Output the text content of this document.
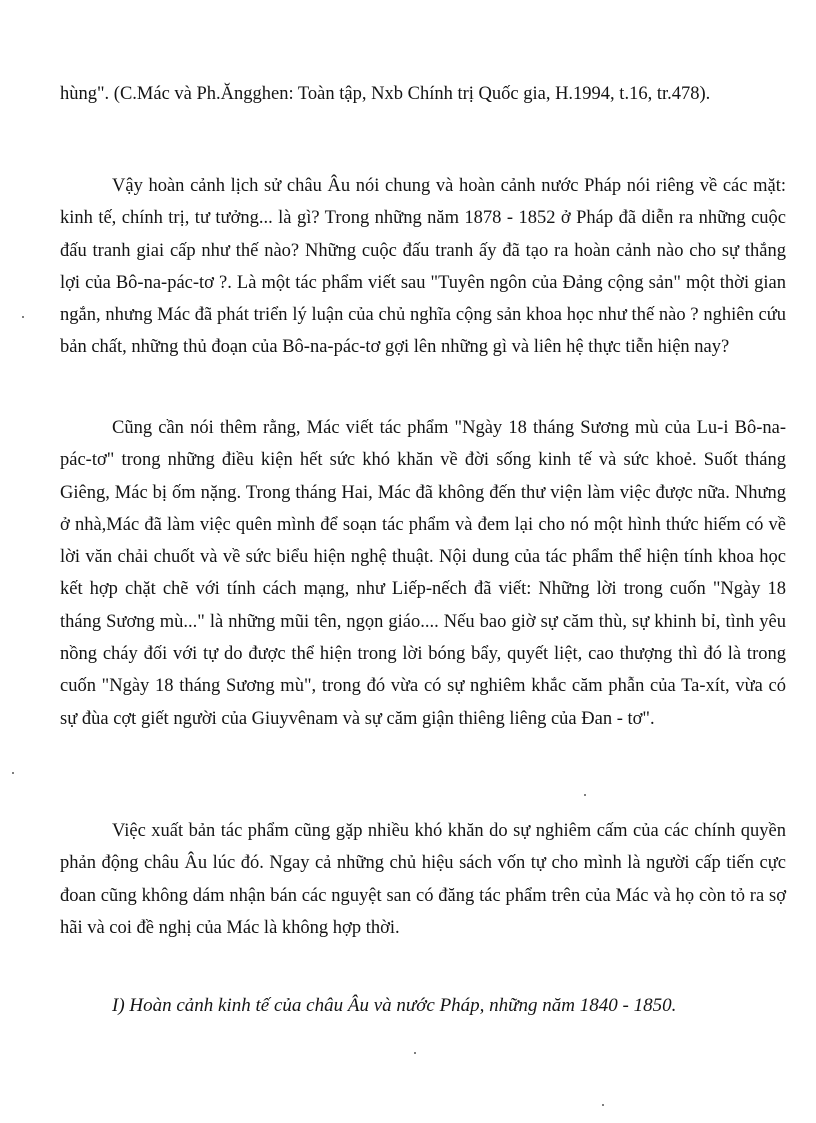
hùng". (C.Mác và Ph.Ăngghen: Toàn tập, Nxb Chính trị Quốc gia, H.1994, t.16, tr.478).

Vậy hoàn cảnh lịch sử châu Âu nói chung và hoàn cảnh nước Pháp nói riêng về các mặt: kinh tế, chính trị, tư tưởng... là gì? Trong những năm 1878 - 1852 ở Pháp đã diễn ra những cuộc đấu tranh giai cấp như thế nào? Những cuộc đấu tranh ấy đã tạo ra hoàn cảnh nào cho sự thắng lợi của Bô-na-pác-tơ ?. Là một tác phẩm viết sau "Tuyên ngôn của Đảng cộng sản" một thời gian ngắn, nhưng Mác đã phát triển lý luận của chủ nghĩa cộng sản khoa học như thế nào ? nghiên cứu bản chất, những thủ đoạn của Bô-na-pác-tơ gợi lên những gì và liên hệ thực tiễn hiện nay?

Cũng cần nói thêm rằng, Mác viết tác phẩm "Ngày 18 tháng Sương mù của Lu-i Bô-na-pác-tơ" trong những điều kiện hết sức khó khăn về đời sống kinh tế và sức khoẻ. Suốt tháng Giêng, Mác bị ốm nặng. Trong tháng Hai, Mác đã không đến thư viện làm việc được nữa. Nhưng ở nhà,Mác đã làm việc quên mình để soạn tác phẩm và đem lại cho nó một hình thức hiếm có về lời văn chải chuốt và về sức biểu hiện nghệ thuật. Nội dung của tác phẩm thể hiện tính khoa học kết hợp chặt chẽ với tính cách mạng, như Liếp-nếch đã viết: Những lời trong cuốn "Ngày 18 tháng Sương mù..." là những mũi tên, ngọn giáo.... Nếu bao giờ sự căm thù, sự khinh bỉ, tình yêu nồng cháy đối với tự do được thể hiện trong lời bóng bẩy, quyết liệt, cao thượng thì đó là trong cuốn "Ngày 18 tháng Sương mù", trong đó vừa có sự nghiêm khắc căm phẫn của Ta-xít, vừa có sự đùa cợt giết người của Giuyvênam và sự căm giận thiêng liêng của Đan - tơ".

Việc xuất bản tác phẩm cũng gặp nhiều khó khăn do sự nghiêm cấm của các chính quyền phản động châu Âu lúc đó. Ngay cả những chủ hiệu sách vốn tự cho mình là người cấp tiến cực đoan cũng không dám nhận bán các nguyệt san có đăng tác phẩm trên của Mác và họ còn tỏ ra sợ hãi và coi đề nghị của Mác là không hợp thời.

I) Hoàn cảnh kinh tế của châu Âu và nước Pháp, những năm 1840 - 1850.
